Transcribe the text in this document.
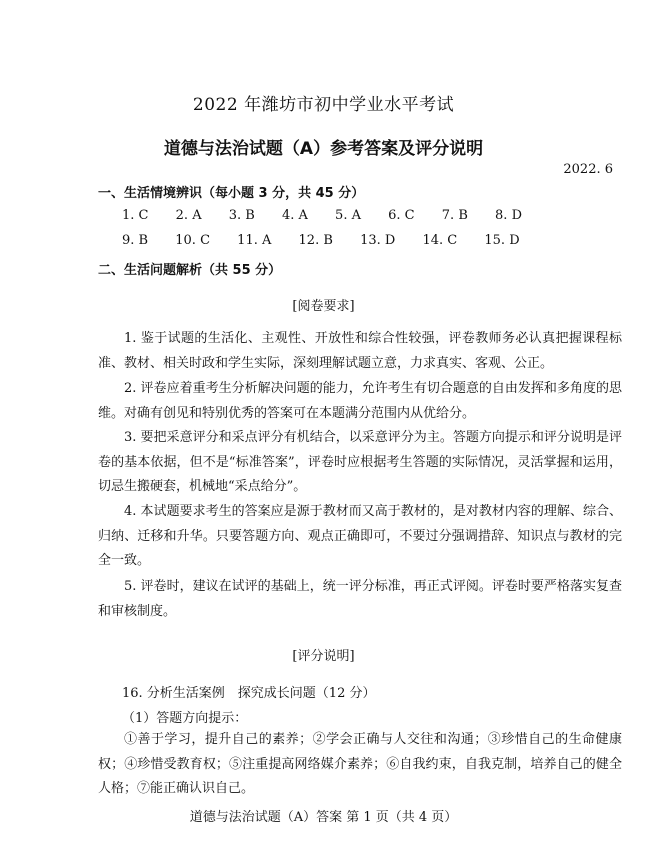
2022 年潍坊市初中学业水平考试
道德与法治试题（A）参考答案及评分说明
2022. 6
一、生活情境辨识（每小题 3 分，共 45 分）
1. C 2. A 3. B 4. A 5. A 6. C 7. B 8. D
9. B 10. C 11. A 12. B 13. D 14. C 15. D
二、生活问题解析（共 55 分）
[阅卷要求]
1. 鉴于试题的生活化、主观性、开放性和综合性较强，评卷教师务必认真把握课程标准、教材、相关时政和学生实际，深刻理解试题立意，力求真实、客观、公正。
2. 评卷应着重考生分析解决问题的能力，允许考生有切合题意的自由发挥和多角度的思维。对确有创见和特别优秀的答案可在本题满分范围内从优给分。
3. 要把采意评分和采点评分有机结合，以采意评分为主。答题方向提示和评分说明是评卷的基本依据，但不是“标准答案”，评卷时应根据考生答题的实际情况，灵活掌握和运用，切忌生搬硬套，机械地“采点给分”。
4. 本试题要求考生的答案应是源于教材而又高于教材的，是对教材内容的理解、综合、归纳、迁移和升华。只要答题方向、观点正确即可，不要过分强调措辞、知识点与教材的完全一致。
5. 评卷时，建议在试评的基础上，统一评分标准，再正式评阅。评卷时要严格落实复查和审核制度。
[评分说明]
16. 分析生活案例　探究成长问题（12 分）
（1）答题方向提示：
①善于学习，提升自己的素养；②学会正确与人交往和沟通；③珍惜自己的生命健康权；④珍惜受教育权；⑤注重提高网络媒介素养；⑥自我约束，自我克制，培养自己的健全人格；⑦能正确认识自己。
道德与法治试题（A）答案 第 1 页（共 4 页）
